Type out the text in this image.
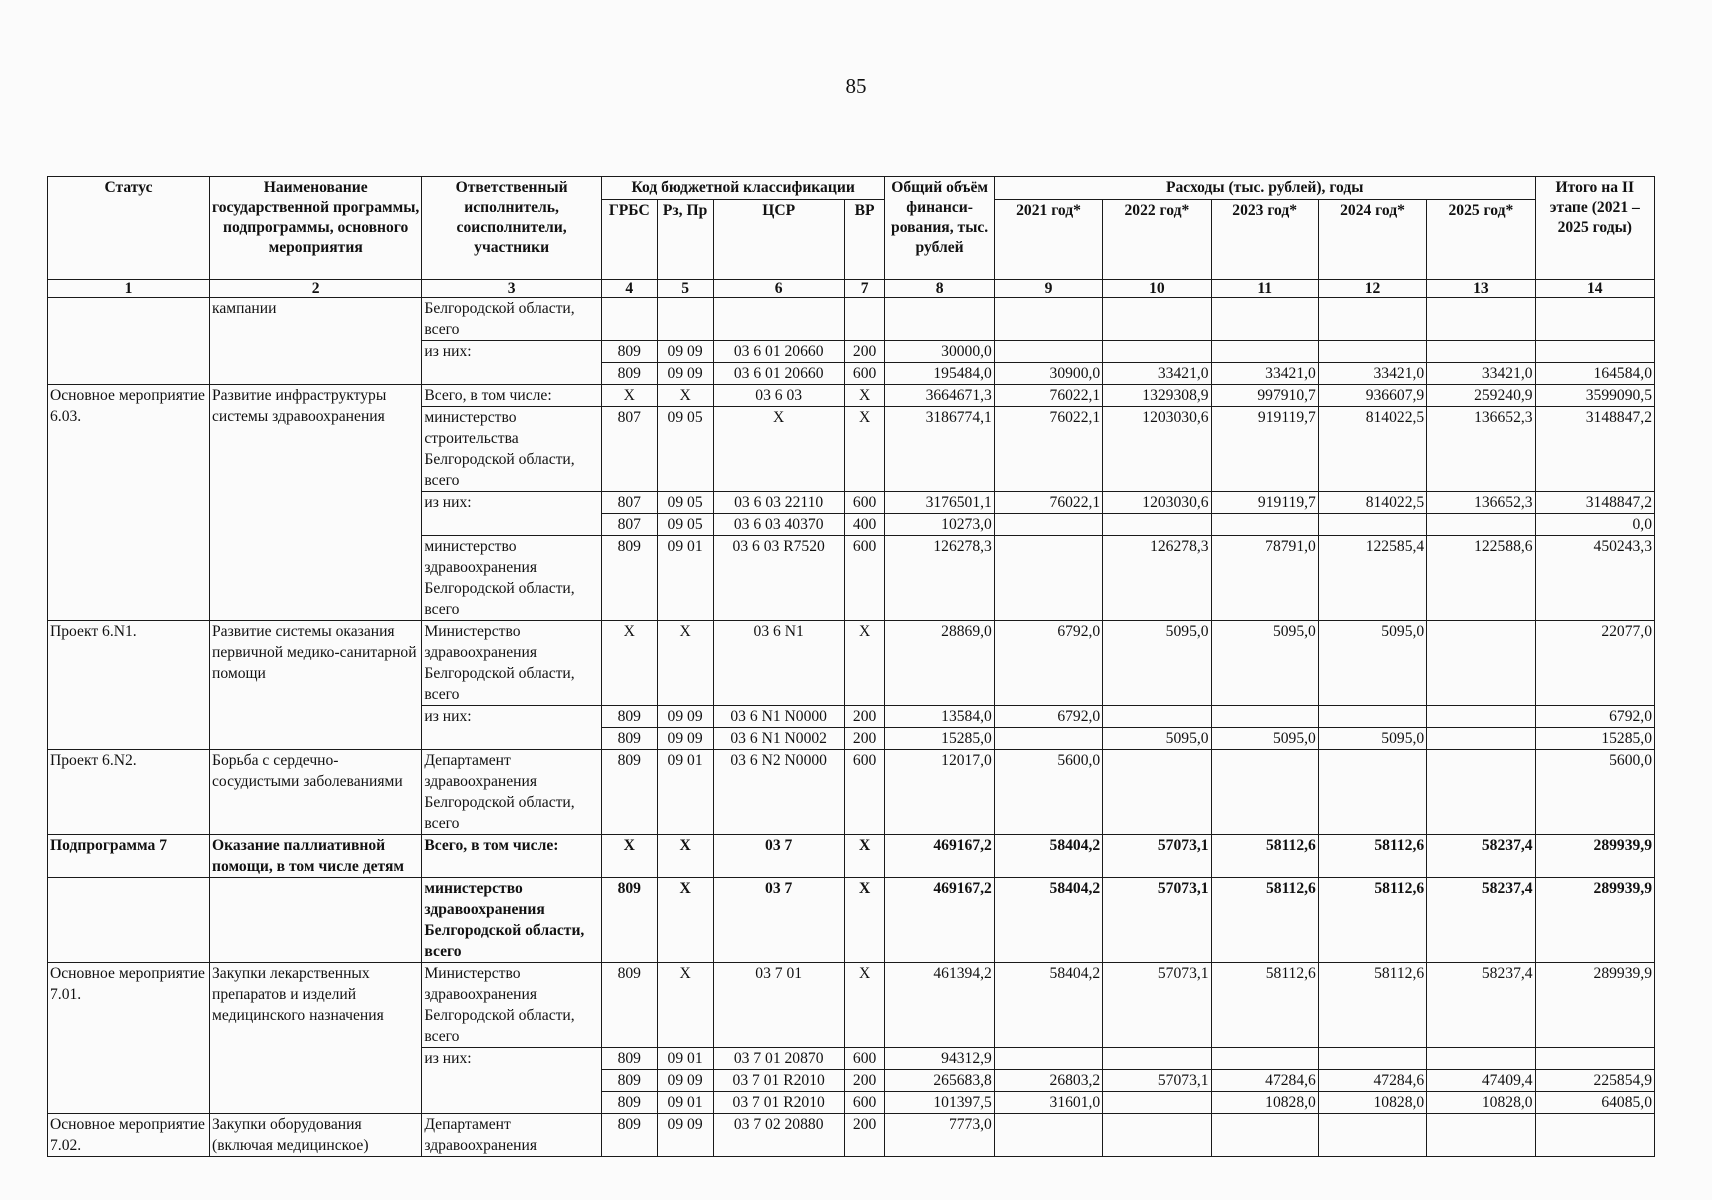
85
Статус	Наименование государственной программы, подпрограммы, основного мероприятия	Ответственный исполнитель, соисполнители, участники	Код бюджетной классификации				Общий объём финанси-рования, тыс. рублей	Расходы (тыс. рублей), годы					Итого на II этапе (2021 – 2025 годы)
			ГРБС	Рз, Пр	ЦСР	ВР		2021 год*	2022 год*	2023 год*	2024 год*	2025 год*	
1	2	3	4	5	6	7	8	9	10	11	12	13	14
	кампании	Белгородской области, всего											
		из них:	809	09 09	03 6 01 20660	200	30000,0						
			809	09 09	03 6 01 20660	600	195484,0	30900,0	33421,0	33421,0	33421,0	33421,0	164584,0
Основное мероприятие 6.03.	Развитие инфраструктуры системы здравоохранения	Всего, в том числе:	X	X	03 6 03	X	3664671,3	76022,1	1329308,9	997910,7	936607,9	259240,9	3599090,5
		министерство строительства Белгородской области, всего	807	09 05	X	X	3186774,1	76022,1	1203030,6	919119,7	814022,5	136652,3	3148847,2
		из них:	807	09 05	03 6 03 22110	600	3176501,1	76022,1	1203030,6	919119,7	814022,5	136652,3	3148847,2
			807	09 05	03 6 03 40370	400	10273,0						0,0
		министерство здравоохранения Белгородской области, всего	809	09 01	03 6 03 R7520	600	126278,3		126278,3	78791,0	122585,4	122588,6	450243,3
Проект 6.N1.	Развитие системы оказания первичной медико-санитарной помощи	Министерство здравоохранения Белгородской области, всего	X	X	03 6 N1	X	28869,0	6792,0	5095,0	5095,0	5095,0		22077,0
		из них:	809	09 09	03 6 N1 N0000	200	13584,0	6792,0					6792,0
			809	09 09	03 6 N1 N0002	200	15285,0		5095,0	5095,0	5095,0		15285,0
Проект 6.N2.	Борьба с сердечно-сосудистыми заболеваниями	Департамент здравоохранения Белгородской области, всего	809	09 01	03 6 N2 N0000	600	12017,0	5600,0					5600,0
Подпрограмма 7	Оказание паллиативной помощи, в том числе детям	Всего, в том числе:	X	X	03 7	X	469167,2	58404,2	57073,1	58112,6	58112,6	58237,4	289939,9
		министерство здравоохранения Белгородской области, всего	809	X	03 7	X	469167,2	58404,2	57073,1	58112,6	58112,6	58237,4	289939,9
Основное мероприятие 7.01.	Закупки лекарственных препаратов и изделий медицинского назначения	Министерство здравоохранения Белгородской области, всего	809	X	03 7 01	X	461394,2	58404,2	57073,1	58112,6	58112,6	58237,4	289939,9
		из них:	809	09 01	03 7 01 20870	600	94312,9						
			809	09 09	03 7 01 R2010	200	265683,8	26803,2	57073,1	47284,6	47284,6	47409,4	225854,9
			809	09 01	03 7 01 R2010	600	101397,5	31601,0		10828,0	10828,0	10828,0	64085,0
Основное мероприятие 7.02.	Закупки оборудования (включая медицинское)	Департамент здравоохранения	809	09 09	03 7 02 20880	200	7773,0						
